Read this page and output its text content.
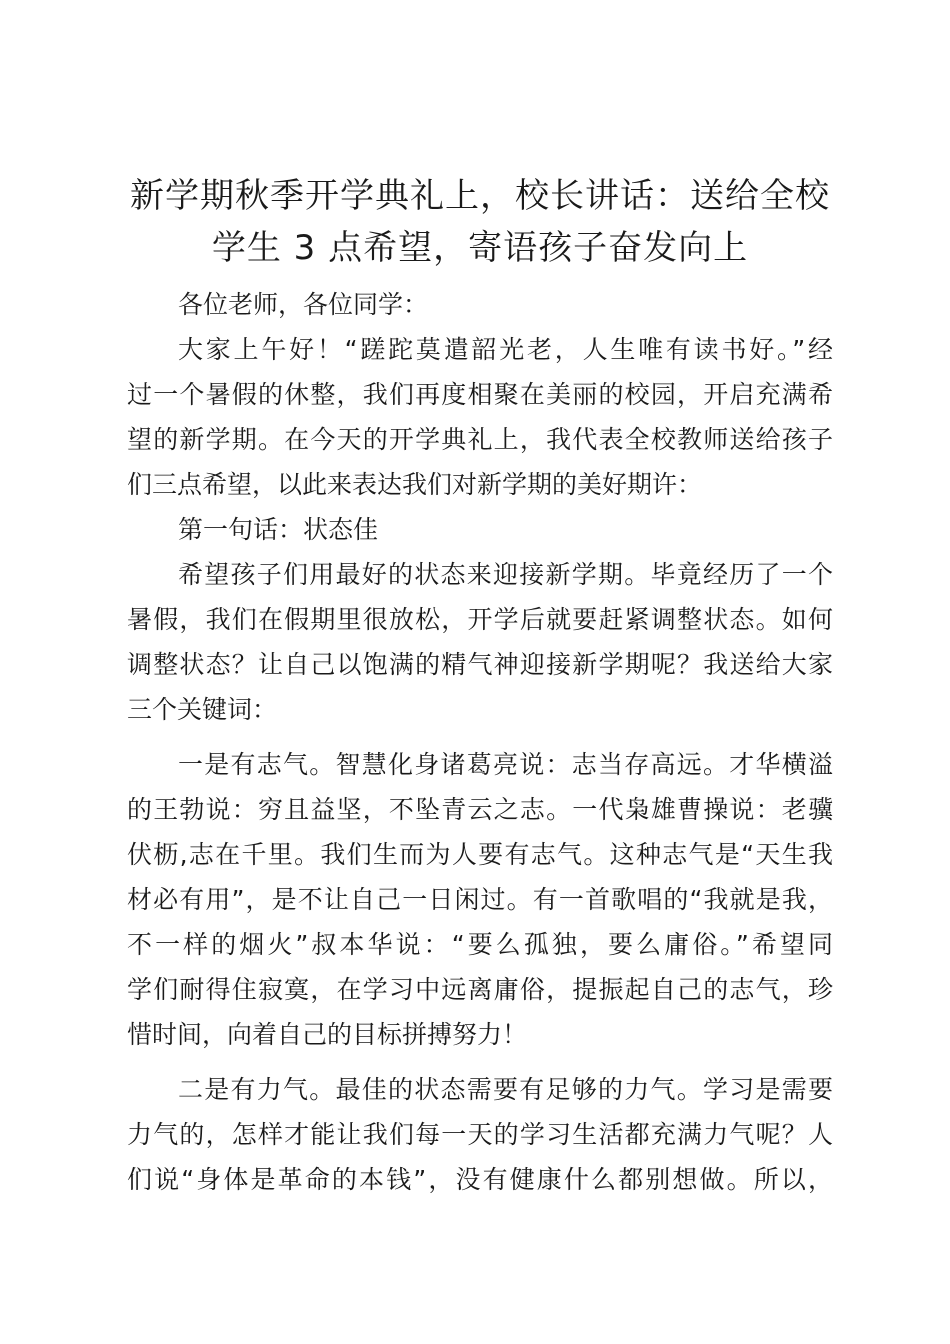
新学期秋季开学典礼上，校长讲话：送给全校
学生 3 点希望，寄语孩子奋发向上
各位老师，各位同学：
大家上午好！“蹉跎莫遣韶光老，人生唯有读书好。”经
过一个暑假的休整，我们再度相聚在美丽的校园，开启充满希
望的新学期。在今天的开学典礼上，我代表全校教师送给孩子
们三点希望，以此来表达我们对新学期的美好期许：
第一句话：状态佳
希望孩子们用最好的状态来迎接新学期。毕竟经历了一个
暑假，我们在假期里很放松，开学后就要赶紧调整状态。如何
调整状态？让自己以饱满的精气神迎接新学期呢？我送给大家
三个关键词：
一是有志气。智慧化身诸葛亮说：志当存高远。才华横溢
的王勃说：穷且益坚，不坠青云之志。一代枭雄曹操说：老骥
伏枥,志在千里。我们生而为人要有志气。这种志气是“天生我
材必有用”，是不让自己一日闲过。有一首歌唱的“我就是我，
不一样的烟火”叔本华说：“要么孤独，要么庸俗。”希望同
学们耐得住寂寞，在学习中远离庸俗，提振起自己的志气，珍
惜时间，向着自己的目标拼搏努力！
二是有力气。最佳的状态需要有足够的力气。学习是需要
力气的，怎样才能让我们每一天的学习生活都充满力气呢？人
们说“身体是革命的本钱”，没有健康什么都别想做。所以，
